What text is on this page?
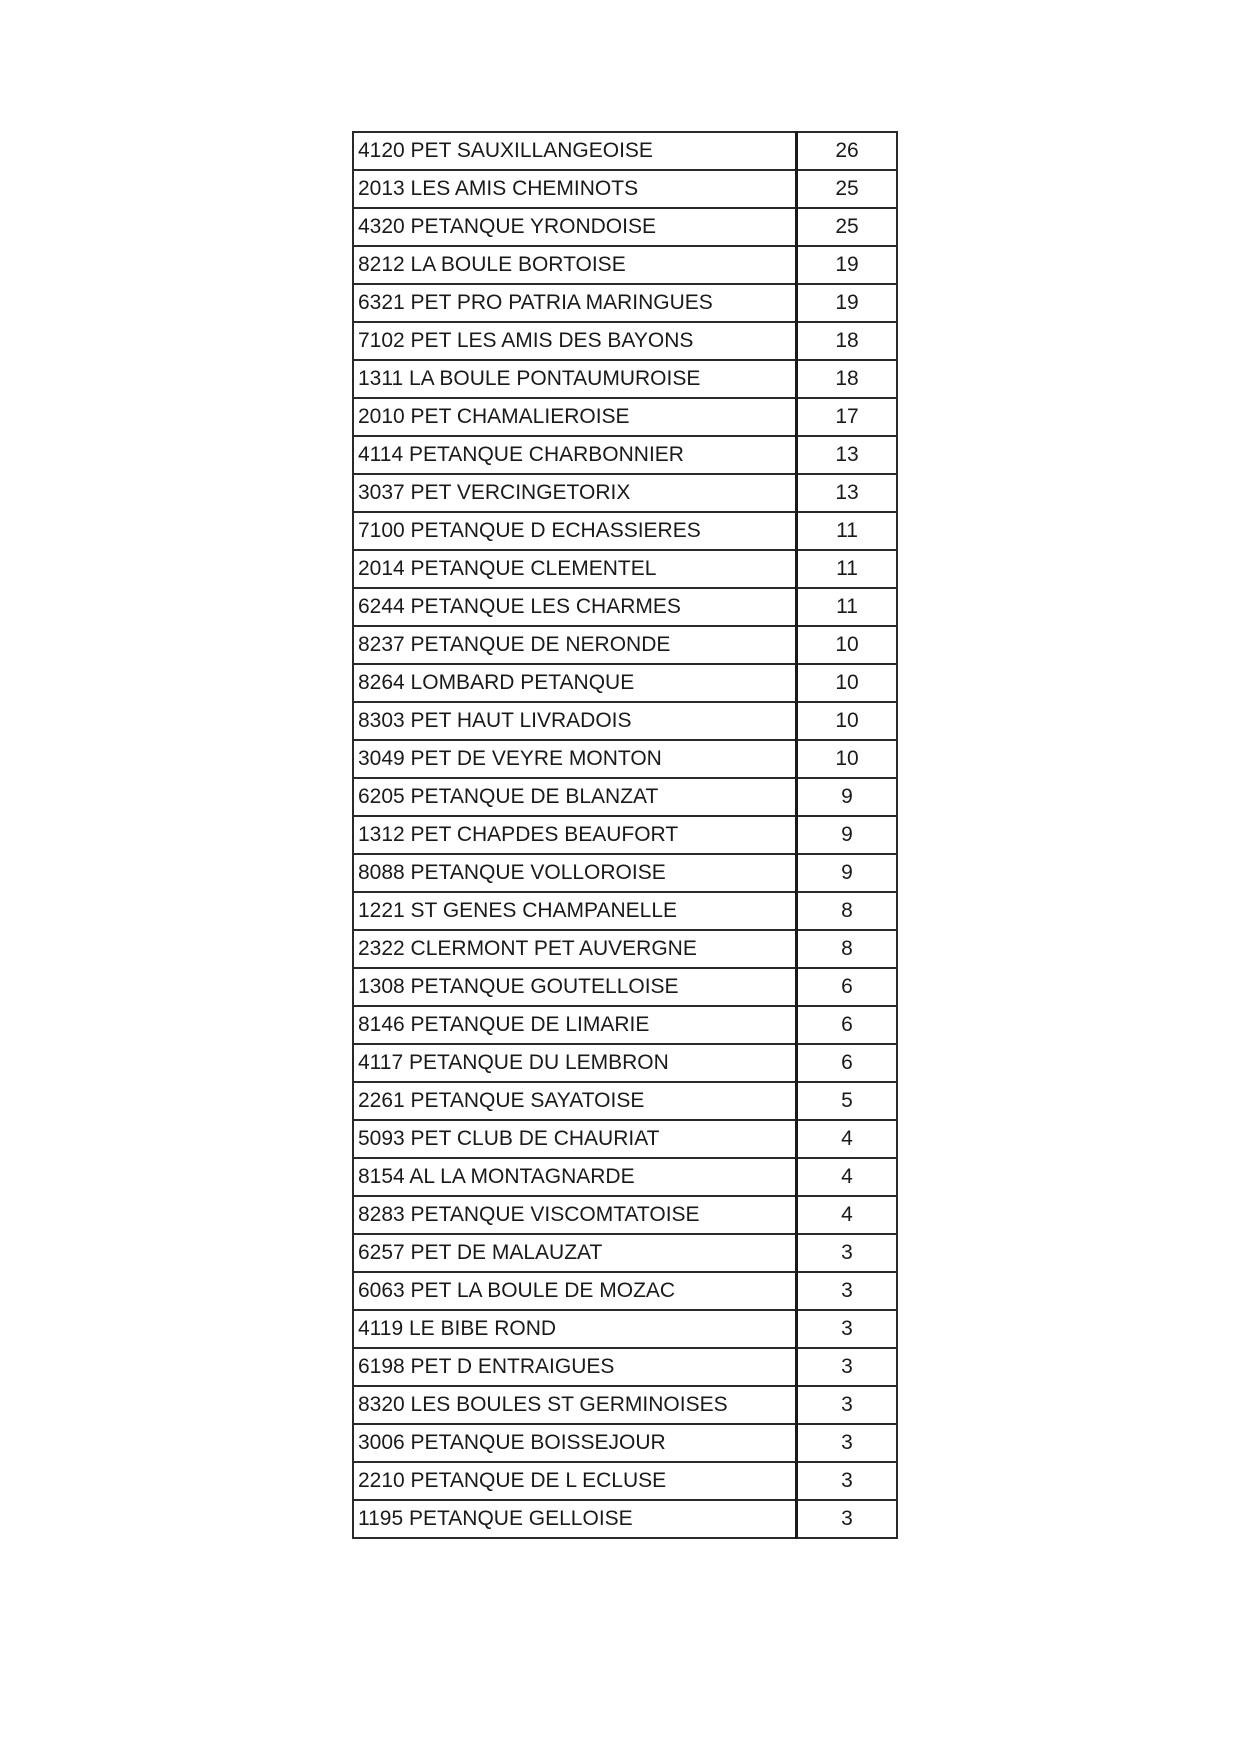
4120 PET SAUXILLANGEOISE	26
2013 LES AMIS CHEMINOTS	25
4320 PETANQUE YRONDOISE	25
8212 LA BOULE BORTOISE	19
6321 PET PRO PATRIA MARINGUES	19
7102 PET LES AMIS DES BAYONS	18
1311 LA BOULE PONTAUMUROISE	18
2010 PET CHAMALIEROISE	17
4114 PETANQUE CHARBONNIER	13
3037 PET VERCINGETORIX	13
7100 PETANQUE D ECHASSIERES	11
2014 PETANQUE CLEMENTEL	11
6244 PETANQUE LES CHARMES	11
8237 PETANQUE DE NERONDE	10
8264 LOMBARD PETANQUE	10
8303 PET HAUT LIVRADOIS	10
3049 PET DE VEYRE MONTON	10
6205 PETANQUE DE BLANZAT	9
1312 PET CHAPDES BEAUFORT	9
8088 PETANQUE VOLLOROISE	9
1221 ST GENES CHAMPANELLE	8
2322 CLERMONT PET AUVERGNE	8
1308 PETANQUE GOUTELLOISE	6
8146 PETANQUE DE LIMARIE	6
4117 PETANQUE DU LEMBRON	6
2261 PETANQUE SAYATOISE	5
5093 PET CLUB DE CHAURIAT	4
8154 AL LA MONTAGNARDE	4
8283 PETANQUE VISCOMTATOISE	4
6257 PET DE MALAUZAT	3
6063 PET LA BOULE DE MOZAC	3
4119 LE BIBE ROND	3
6198 PET D ENTRAIGUES	3
8320 LES BOULES ST GERMINOISES	3
3006 PETANQUE BOISSEJOUR	3
2210 PETANQUE DE L ECLUSE	3
1195 PETANQUE GELLOISE	3
